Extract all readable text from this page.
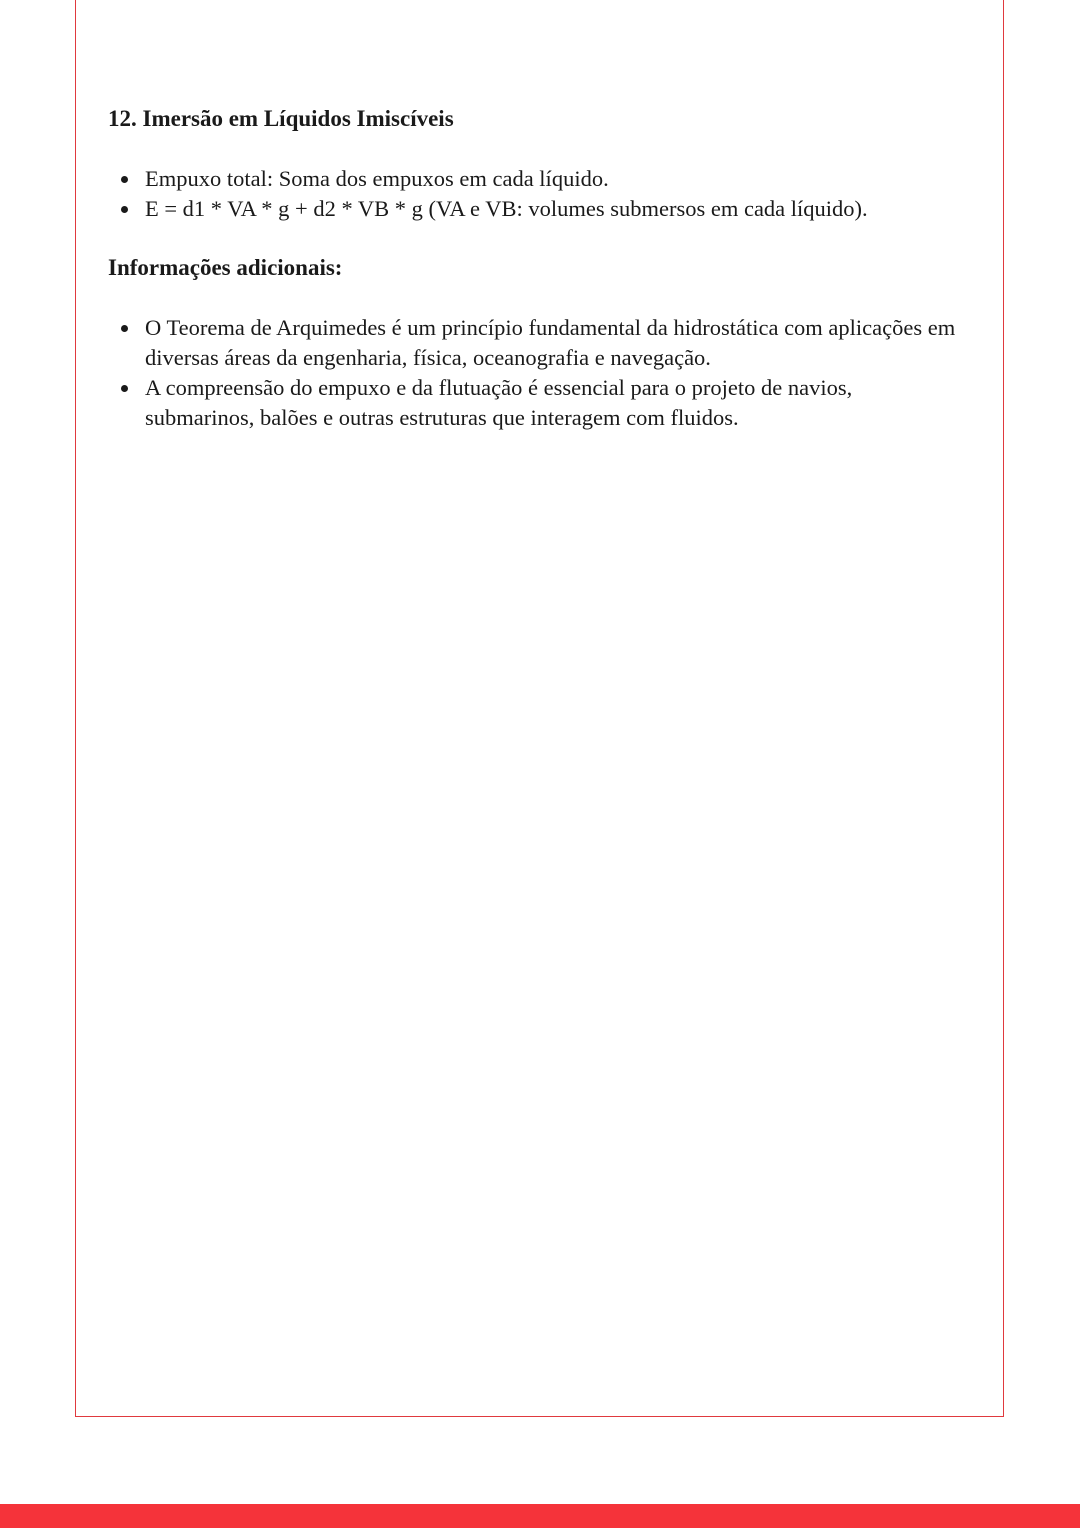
12. Imersão em Líquidos Imiscíveis
Empuxo total: Soma dos empuxos em cada líquido.
E = d1 * VA * g + d2 * VB * g (VA e VB: volumes submersos em cada líquido).
Informações adicionais:
O Teorema de Arquimedes é um princípio fundamental da hidrostática com aplicações em diversas áreas da engenharia, física, oceanografia e navegação.
A compreensão do empuxo e da flutuação é essencial para o projeto de navios, submarinos, balões e outras estruturas que interagem com fluidos.
